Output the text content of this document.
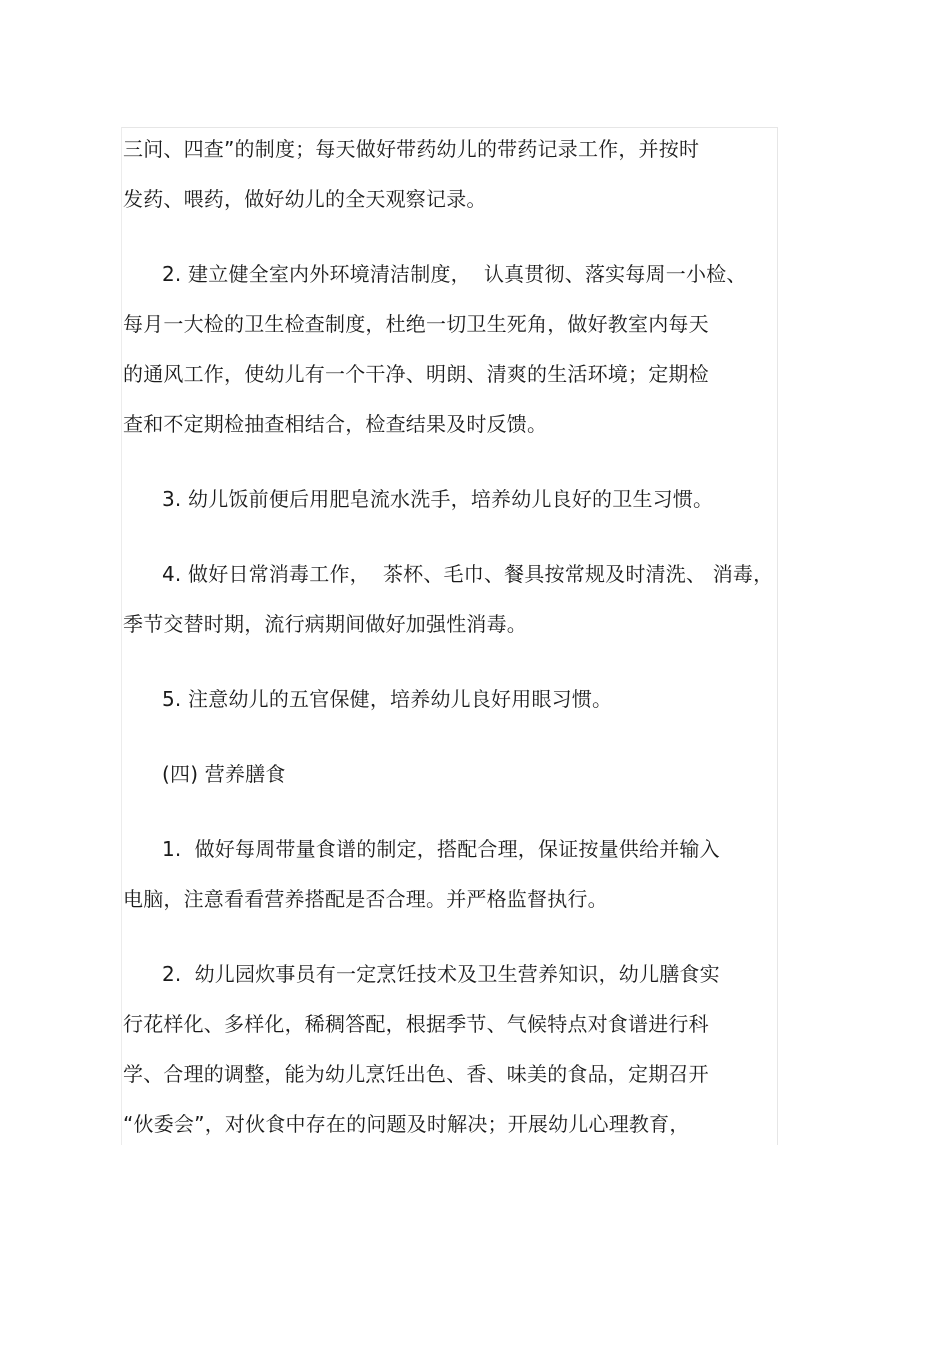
三问、四查”的制度；每天做好带药幼儿的带药记录工作，并按时
发药、喂药，做好幼儿的全天观察记录。
2. 建立健全室内外环境清洁制度，  认真贯彻、落实每周一小检、
每月一大检的卫生检查制度，杜绝一切卫生死角，做好教室内每天
的通风工作，使幼儿有一个干净、明朗、清爽的生活环境；定期检
查和不定期检抽查相结合，检查结果及时反馈。
3. 幼儿饭前便后用肥皂流水洗手，培养幼儿良好的卫生习惯。
4. 做好日常消毒工作，  茶杯、毛巾、餐具按常规及时清洗、 消毒，
季节交替时期，流行病期间做好加强性消毒。
5. 注意幼儿的五官保健，培养幼儿良好用眼习惯。
(四) 营养膳食
1.  做好每周带量食谱的制定，搭配合理，保证按量供给并输入
电脑，注意看看营养搭配是否合理。并严格监督执行。
2.  幼儿园炊事员有一定烹饪技术及卫生营养知识，幼儿膳食实
行花样化、多样化，稀稠答配，根据季节、气候特点对食谱进行科
学、合理的调整，能为幼儿烹饪出色、香、味美的食品，定期召开
“伙委会”，对伙食中存在的问题及时解决；开展幼儿心理教育，
